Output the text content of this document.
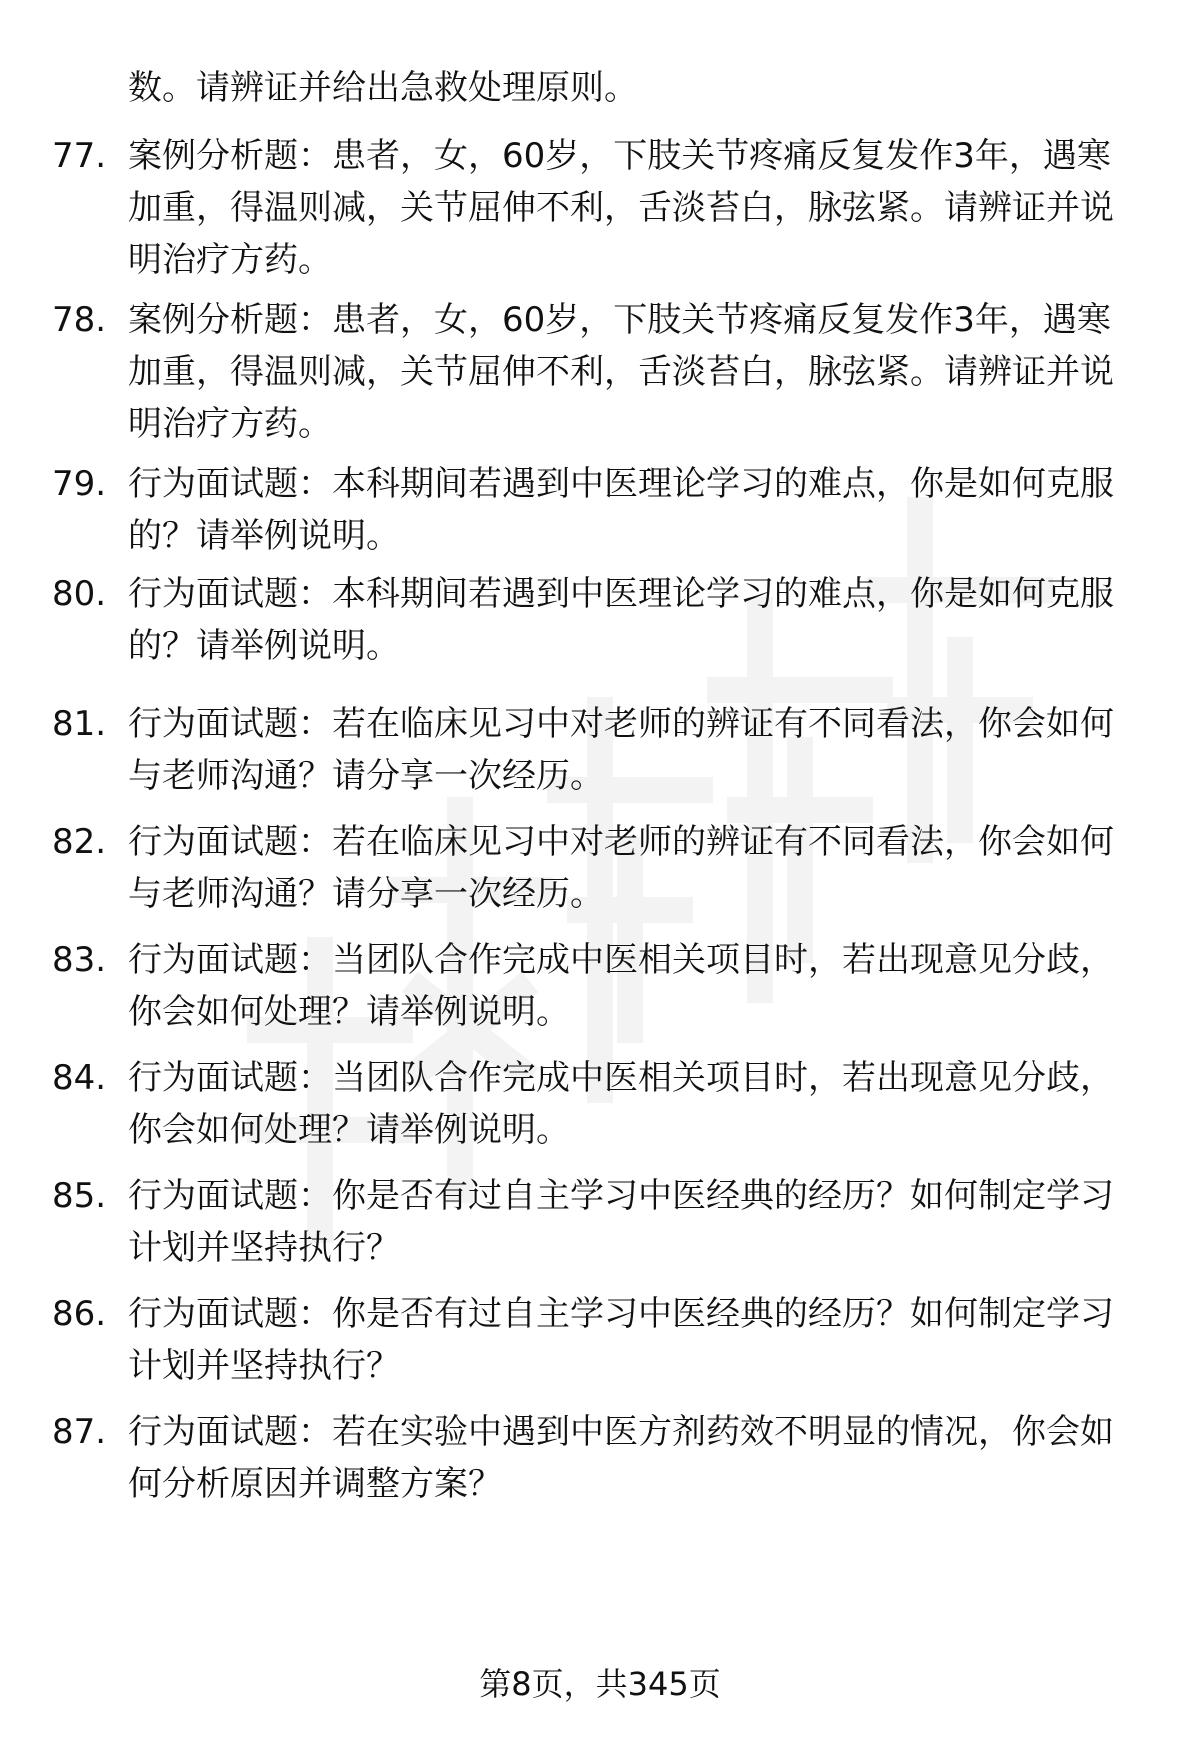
数。请辨证并给出急救处理原则。

77. 案例分析题：患者，女，60岁，下肢关节疼痛反复发作3年，遇寒加重，得温则减，关节屈伸不利，舌淡苔白，脉弦紧。请辨证并说明治疗方药。

78. 案例分析题：患者，女，60岁，下肢关节疼痛反复发作3年，遇寒加重，得温则减，关节屈伸不利，舌淡苔白，脉弦紧。请辨证并说明治疗方药。

79. 行为面试题：本科期间若遇到中医理论学习的难点，你是如何克服的？请举例说明。

80. 行为面试题：本科期间若遇到中医理论学习的难点，你是如何克服的？请举例说明。

81. 行为面试题：若在临床见习中对老师的辨证有不同看法，你会如何与老师沟通？请分享一次经历。

82. 行为面试题：若在临床见习中对老师的辨证有不同看法，你会如何与老师沟通？请分享一次经历。

83. 行为面试题：当团队合作完成中医相关项目时，若出现意见分歧，你会如何处理？请举例说明。

84. 行为面试题：当团队合作完成中医相关项目时，若出现意见分歧，你会如何处理？请举例说明。

85. 行为面试题：你是否有过自主学习中医经典的经历？如何制定学习计划并坚持执行？

86. 行为面试题：你是否有过自主学习中医经典的经历？如何制定学习计划并坚持执行？

87. 行为面试题：若在实验中遇到中医方剂药效不明显的情况，你会如何分析原因并调整方案？

第8页，共345页
